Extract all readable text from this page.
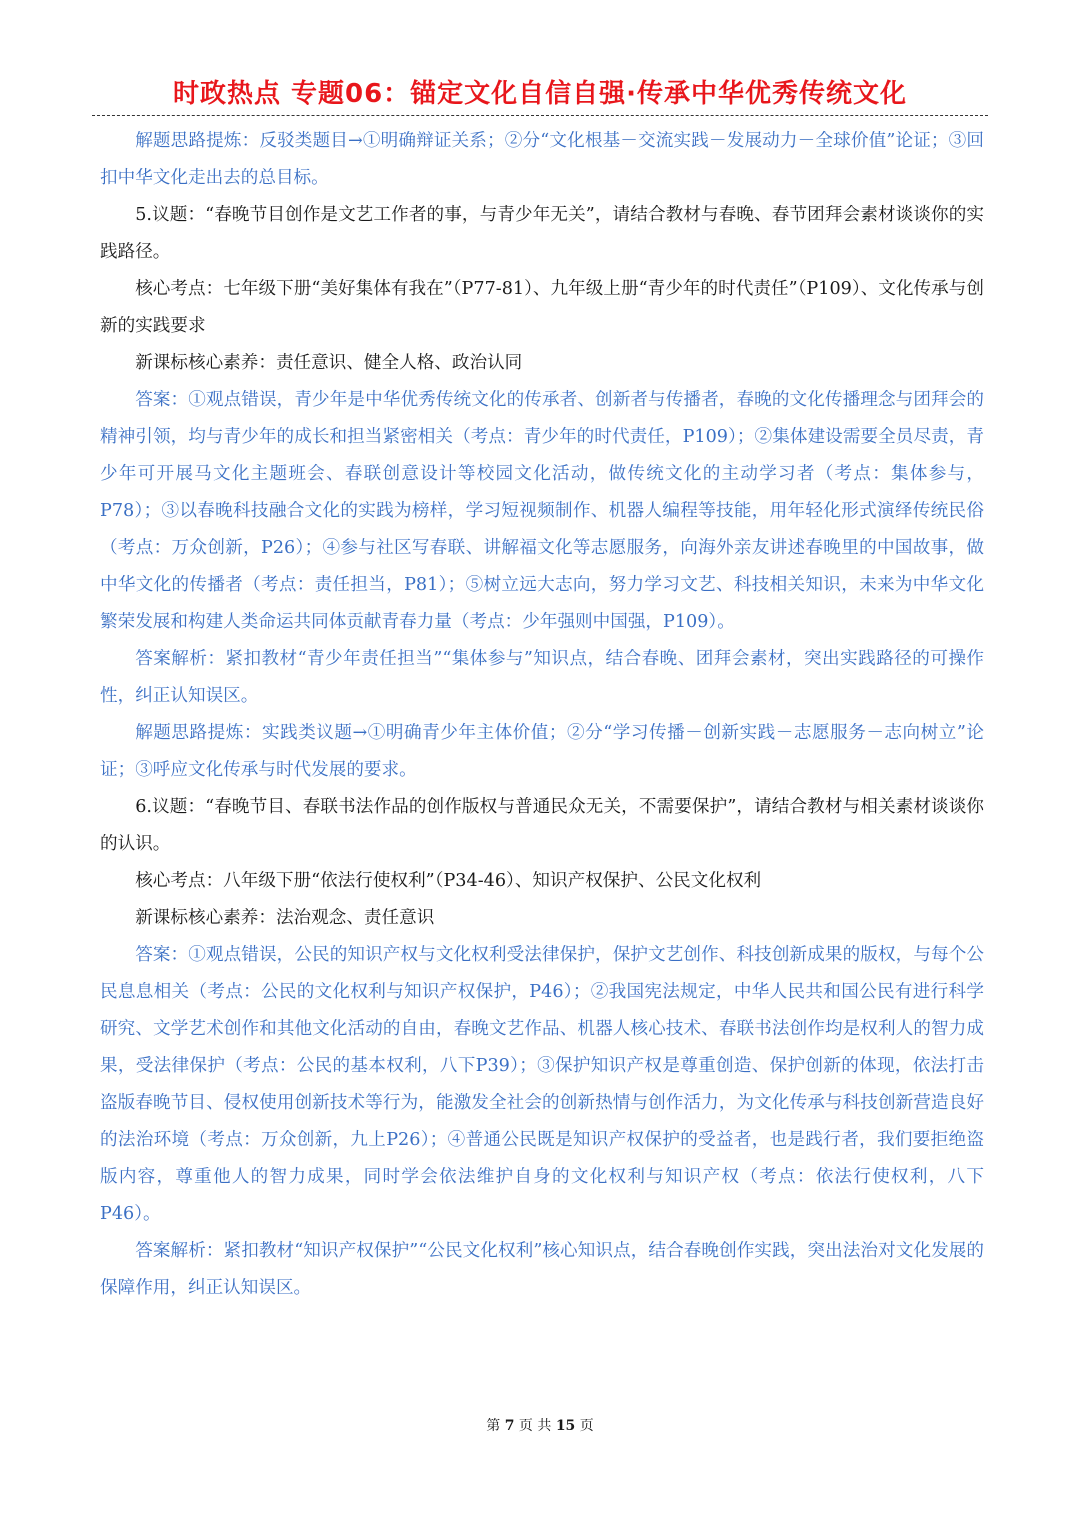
时政热点 专题06：锚定文化自信自强·传承中华优秀传统文化

解题思路提炼：反驳类题目→①明确辩证关系；②分“文化根基－交流实践－发展动力－全球价值”论证；③回扣中华文化走出去的总目标。

5.议题：“春晚节目创作是文艺工作者的事，与青少年无关”，请结合教材与春晚、春节团拜会素材谈谈你的实践路径。

核心考点：七年级下册“美好集体有我在”（P77-81）、九年级上册“青少年的时代责任”（P109）、文化传承与创新的实践要求

新课标核心素养：责任意识、健全人格、政治认同

答案：①观点错误，青少年是中华优秀传统文化的传承者、创新者与传播者，春晚的文化传播理念与团拜会的精神引领，均与青少年的成长和担当紧密相关（考点：青少年的时代责任，P109）；②集体建设需要全员尽责，青少年可开展马文化主题班会、春联创意设计等校园文化活动，做传统文化的主动学习者（考点：集体参与，P78）；③以春晚科技融合文化的实践为榜样，学习短视频制作、机器人编程等技能，用年轻化形式演绎传统民俗（考点：万众创新，P26）；④参与社区写春联、讲解福文化等志愿服务，向海外亲友讲述春晚里的中国故事，做中华文化的传播者（考点：责任担当，P81）；⑤树立远大志向，努力学习文艺、科技相关知识，未来为中华文化繁荣发展和构建人类命运共同体贡献青春力量（考点：少年强则中国强，P109）。

答案解析：紧扣教材“青少年责任担当”“集体参与”知识点，结合春晚、团拜会素材，突出实践路径的可操作性，纠正认知误区。

解题思路提炼：实践类议题→①明确青少年主体价值；②分“学习传播－创新实践－志愿服务－志向树立”论证；③呼应文化传承与时代发展的要求。

6.议题：“春晚节目、春联书法作品的创作版权与普通民众无关，不需要保护”，请结合教材与相关素材谈谈你的认识。

核心考点：八年级下册“依法行使权利”（P34-46）、知识产权保护、公民文化权利

新课标核心素养：法治观念、责任意识

答案：①观点错误，公民的知识产权与文化权利受法律保护，保护文艺创作、科技创新成果的版权，与每个公民息息相关（考点：公民的文化权利与知识产权保护，P46）；②我国宪法规定，中华人民共和国公民有进行科学研究、文学艺术创作和其他文化活动的自由，春晚文艺作品、机器人核心技术、春联书法创作均是权利人的智力成果，受法律保护（考点：公民的基本权利，八下P39）；③保护知识产权是尊重创造、保护创新的体现，依法打击盗版春晚节目、侵权使用创新技术等行为，能激发全社会的创新热情与创作活力，为文化传承与科技创新营造良好的法治环境（考点：万众创新，九上P26）；④普通公民既是知识产权保护的受益者，也是践行者，我们要拒绝盗版内容，尊重他人的智力成果，同时学会依法维护自身的文化权利与知识产权（考点：依法行使权利，八下P46）。

答案解析：紧扣教材“知识产权保护”“公民文化权利”核心知识点，结合春晚创作实践，突出法治对文化发展的保障作用，纠正认知误区。

第 7 页 共 15 页
